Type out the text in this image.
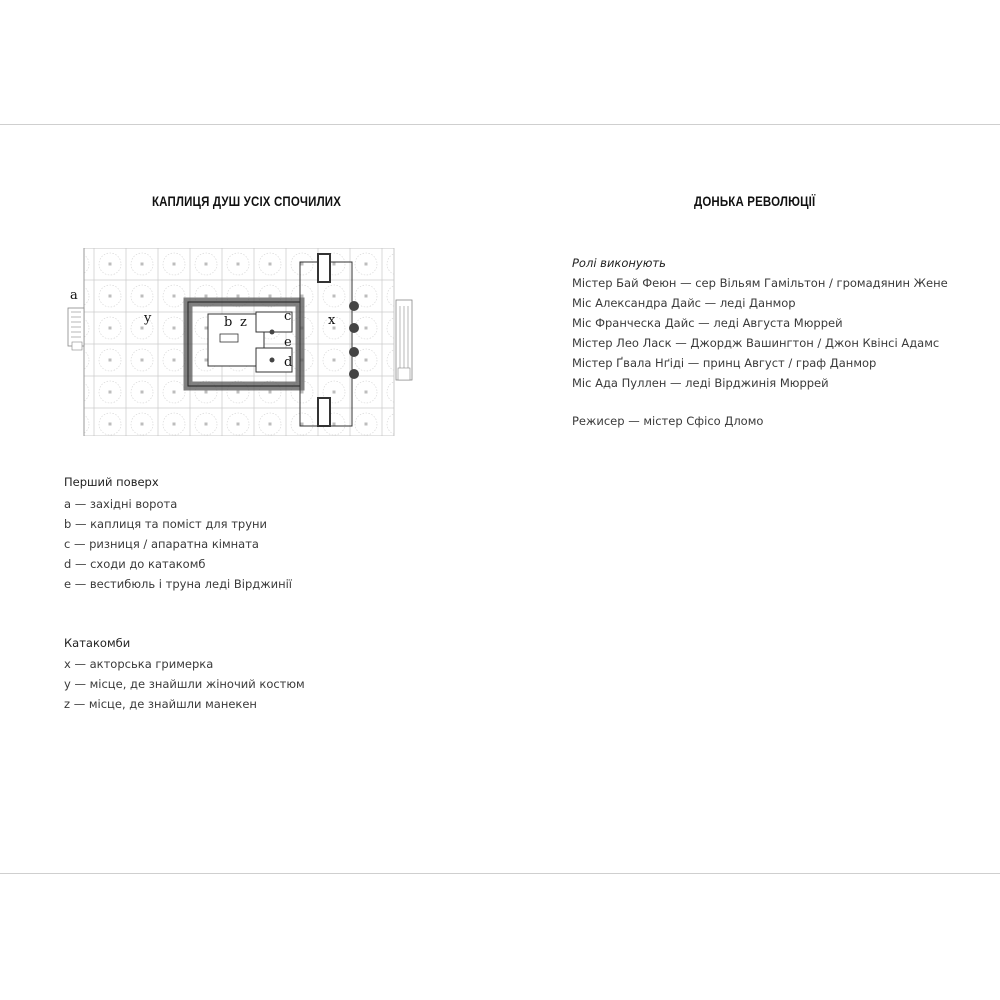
КАПЛИЦЯ ДУШ УСІХ СПОЧИЛИХ
a
y	b z	c
d
e
x
Перший поверх
a — західні ворота
b — каплиця та поміст для труни
c — ризниця / апаратна кімната
d — сходи до катакомб
e — вестибюль і труна леді Вірджинії
Катакомби
x — акторська гримерка
y — місце, де знайшли жіночий костюм
z — місце, де знайшли манекен
ДОНЬКА РЕВОЛЮЦІЇ
Ролі виконують
Містер Бай Феюн — сер Вільям Гамільтон / громадянин Жене
Міс Александра Дайс — леді Данмор
Міс Франческа Дайс — леді Августа Мюррей
Містер Лео Ласк — Джордж Вашингтон / Джон Квінсі Адамс
Містер Ґвала Нґіді — принц Август / граф Данмор
Міс Ада Пуллен — леді Вірджинія Мюррей
Режисер — містер Сфісо Дломо
